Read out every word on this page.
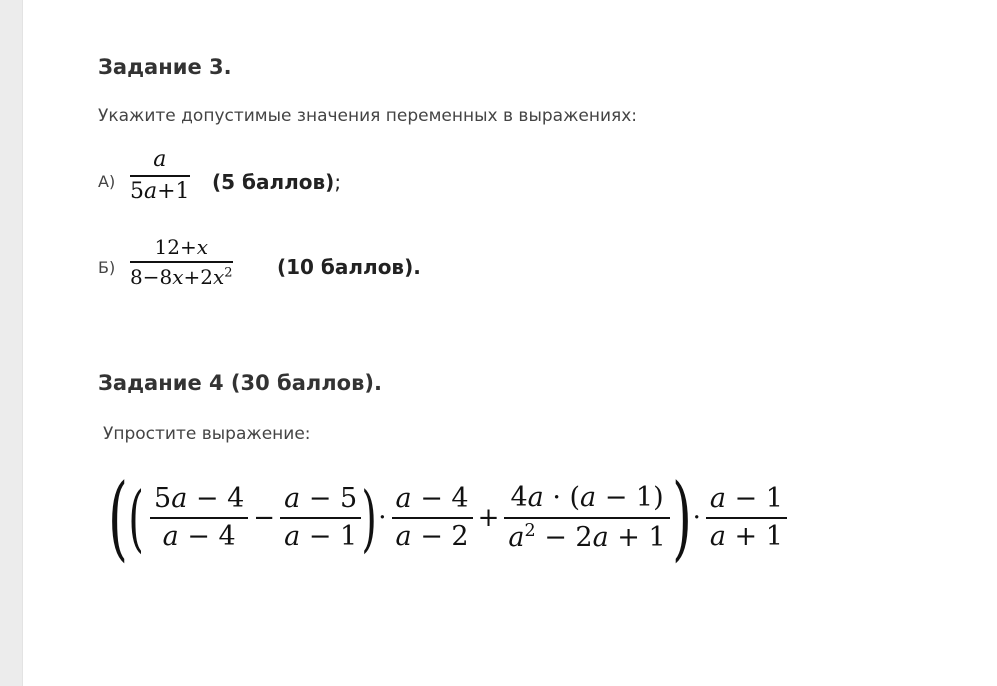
Задание 3.
Укажите допустимые значения переменных в выражениях:
$А) \frac{a}{5a+1} (5$ баллов);
$Б) \frac{12+x}{8-8x+2x^2} (10$ баллов).
Задание 4 (30 баллов).
Упростите выражение:
( ( $\frac{5a - 4}{a - 4} - \frac{a - 5}{a - 1}$ ) · $\frac{a - 4}{a - 2} + \frac{4a \cdot (a - 1)}{a^2 - 2a + 1}$ ) · $\frac{a - 1}{a + 1}$
